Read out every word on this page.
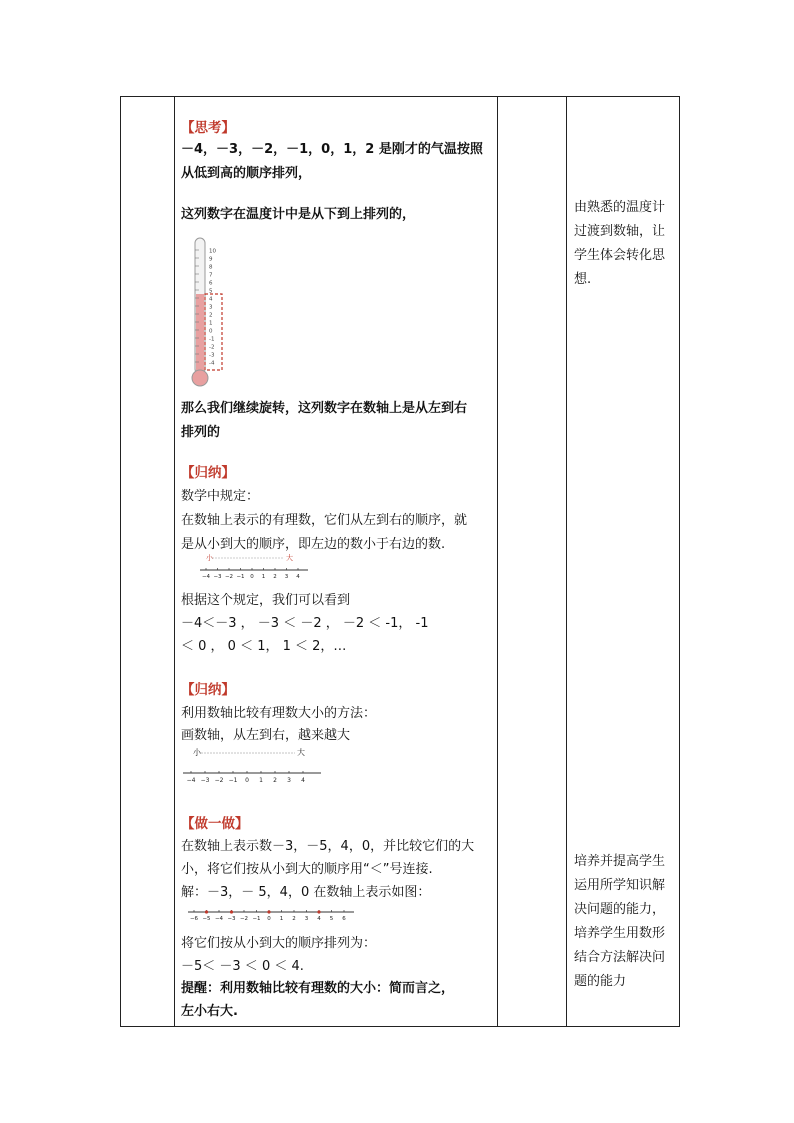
【思考】
－4，－3，－2，－1，0，1，2 是刚才的气温按照
从低到高的顺序排列，
这列数字在温度计中是从下到上排列的，
10
9
8
7
6
5
4
3
2
1
0
-1
-2
-3
-4
那么我们继续旋转，这列数字在数轴上是从左到右
排列的
【归纳】
数学中规定：
在数轴上表示的有理数，它们从左到右的顺序，就
是从小到大的顺序，即左边的数小于右边的数.
小	大
−4 −3 −2 −1 0 1 2 3 4
根据这个规定，我们可以看到
－4＜－3 ， －3 ＜ －2 ， －2 ＜ -1， -1
＜ 0 ， 0 ＜ 1， 1 ＜ 2，…
【归纳】
利用数轴比较有理数大小的方法：
画数轴，从左到右，越来越大
小	大
−4 −3 −2 −1 0 1 2 3 4
【做一做】
在数轴上表示数－3，－5，4，0，并比较它们的大
小，将它们按从小到大的顺序用“＜”号连接.
解：－3，－ 5，4，0 在数轴上表示如图：
−6 −5 −4 −3 −2 −1 0 1 2 3 4 5 6
将它们按从小到大的顺序排列为：
－5＜ －3 ＜ 0 ＜ 4.
提醒：利用数轴比较有理数的大小：简而言之，
左小右大.
由熟悉的温度计
过渡到数轴，让
学生体会转化思
想.
培养并提高学生
运用所学知识解
决问题的能力，
培养学生用数形
结合方法解决问
题的能力
